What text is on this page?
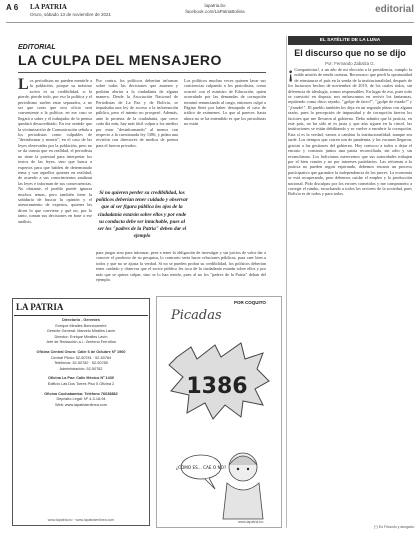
A 6 LA PATRIA
Oruro, sábado 13 de noviembre de 2021
lapatria.bo
facebook.com/LaPatriaBolivia	editorial
EDITORIAL
LA CULPA DEL MENSAJERO
Los periodistas no pueden mentirle a la población, porque su máximo activo es su credibilidad, si la pierde, pierde todo, por eso la política y el periodismo suelen estar separados, a no ser que creas que otro oficio será conveniente a la política; en ese caso se llegará a saber y el trabajador de la prensa quedará desacreditado. En ese sentido que la víctimización de Comunicación señala a los periodistas como culpables de "desinformar y mentir", en el caso de las leyes observadas por la población, pero no se da cuenta que en realidad, el periodista no tiene la potestad para interpretar los textos de las leyes, sino que busca a expertos para que hablen de determinado tema y son aquellos quienes en realidad, de acuerdo a sus conocimientos analizan las leyes e informan de sus consecuencias. No obstante, el pueblo puede ignorar muchos temas, pero también tiene la sabiduría de buscar la opinión y el asesoramiento de expertos, quienes les dicen lo que conviene y qué no, por lo tanto, toman sus decisiones en base a ese análisis.
Por contra, los políticos deberían informar sobre todas las decisiones que asumen y podrían alertar a la ciudadanía de alguna manera. Desde la Asociación Nacional de Periodistas de La Paz y de Bolivia, se impulsaba una ley de acceso a la información pública, pero el intento no prosperó. Además, ante la protesta de la ciudadanía, que crece cada día más, hay más fácil culpar a los medios por estar "desinformando" al menos con respecto a la cuestionada ley 1386, y pidan una revisión con directores de medios de prensa para el fueron privados.
Los políticos muchas veces quieren lavar sus conciencias culpando a los periodistas, como ocurrió con el ministro de Educación, quien acorralado por las demandas de corrupción terminó renunciando al cargo, entonces culpó a Página Siete por haber destapado el caso de tráfico de exámenes. Lo que al parecer, hasta ahora no se ha entendido es que los periodistas no están
Si no quieren perder su credibilidad, los políticos deberían tener cuidado y observar que al ser figura pública los ojos de la ciudadanía estarán sobre ellos y por ende su conducta debe ser intachable, pues al ser los "padres de la Patria" deben dar el ejemplo
para juzgar sino para informar, pese a tener la obligación de investigar y sin juicios de valor dar a conocer el producto de su pesquisa, lo contrario sería hacer relaciones públicas, para caer bien a todos y que no se ajusta la verdad. Si no se pueden probar su credibilidad, los políticos deberían tener cuidado y observar que el sector público les toca de la ciudadanía estarán sobre ellos y por más que se quiera culpar, sino se lo han tenido, pues al no los "padres de la Patria" deban del ejemplo.
EL SATÉLITE DE LA LUNA
El discurso que no se dijo
Por: Fernando Zabalza G.
¡ Compatriotas!, a un año de mi elección a la presidencia, cumplo la noble misión de rendir cuentas. Reconozco que perdí la oportunidad de reinstaurar el país en la senda de la institucionalidad, después de los luctuosos hechos de noviembre de 2019, de los cuales todos, sin diferencia de ideología, somos responsables. En lugar de eso, pues todo se convirtió en disputa, nos enfrascamos en revivir los fantasmas, repitiendo como disco rayado, "¡golpe de facto!", "¡golpe de estado!" y "¡fraude!". El pueblo también los deja en un segundo plano con alguna razón, pues la percepción de impunidad y de corrupción fueron los factores que me llevaron al gobierno. Debo admitir que la justicia, en este país, no ha sido ni es justa y que aún siguen en la cárcel, las instituciones se están debilitando y se vuelve a encubrir la corrupción. Esta sí es la verdad, vamos a cambiar la institucionalidad, aunque sea tarde. Los tiempos que corren son de pandemia, y las vacunas llegaron, gracias a las gestiones del gobierno. Hoy convoco a todos a dejar el encono y construir juntos una patria reconciliada, sin odio y sin revanchismo. Los bolivianos merecemos que sus autoridades trabajen por el bien común y no por intereses partidarios. Las reformas a la justicia no pueden seguir esperando, debemos encarar un proceso participativo que garantice la independencia de los jueces. La economía se está recuperando, pero debemos cuidar el empleo y la producción nacional. Pido disculpas por los errores cometidos y me comprometo a corregir el rumbo, escuchando a todos los sectores de la sociedad, pues Bolivia es de todos y para todos.
(*) Es Filósofo y abogado
LA PATRIA
Directorio - Gerentes
Enrique Miralles Bonnecarrère
Gerente General: Marcelo Miralles Lavín
Director: Enrique Miralles Lavín
Jefe de Redacción a.i.: Zenteno Ferrufino
Oficina Central Oruro: Calle 6 de Octubre Nº 1960
Central Piloto: 52-50781 · 52-50784
Teléfonos: 52-50782 · 52-50785
Administración: 52-50782
Oficina La Paz: Calle México Nº 1430
Edificio Las Dos Torres Piso 5 Oficina 2
Oficina Cochabamba: Teléfono 76638882
Depósito Legal: Nº 4-3-18-94
Web: www.lapatriaenlinea.com
www.lapatria.bo · www.lapatriaenlinea.com
Picadas
1386
¿CÓMO ES... CAE O NO?
POR COQUITO
www.lapatria.bo
